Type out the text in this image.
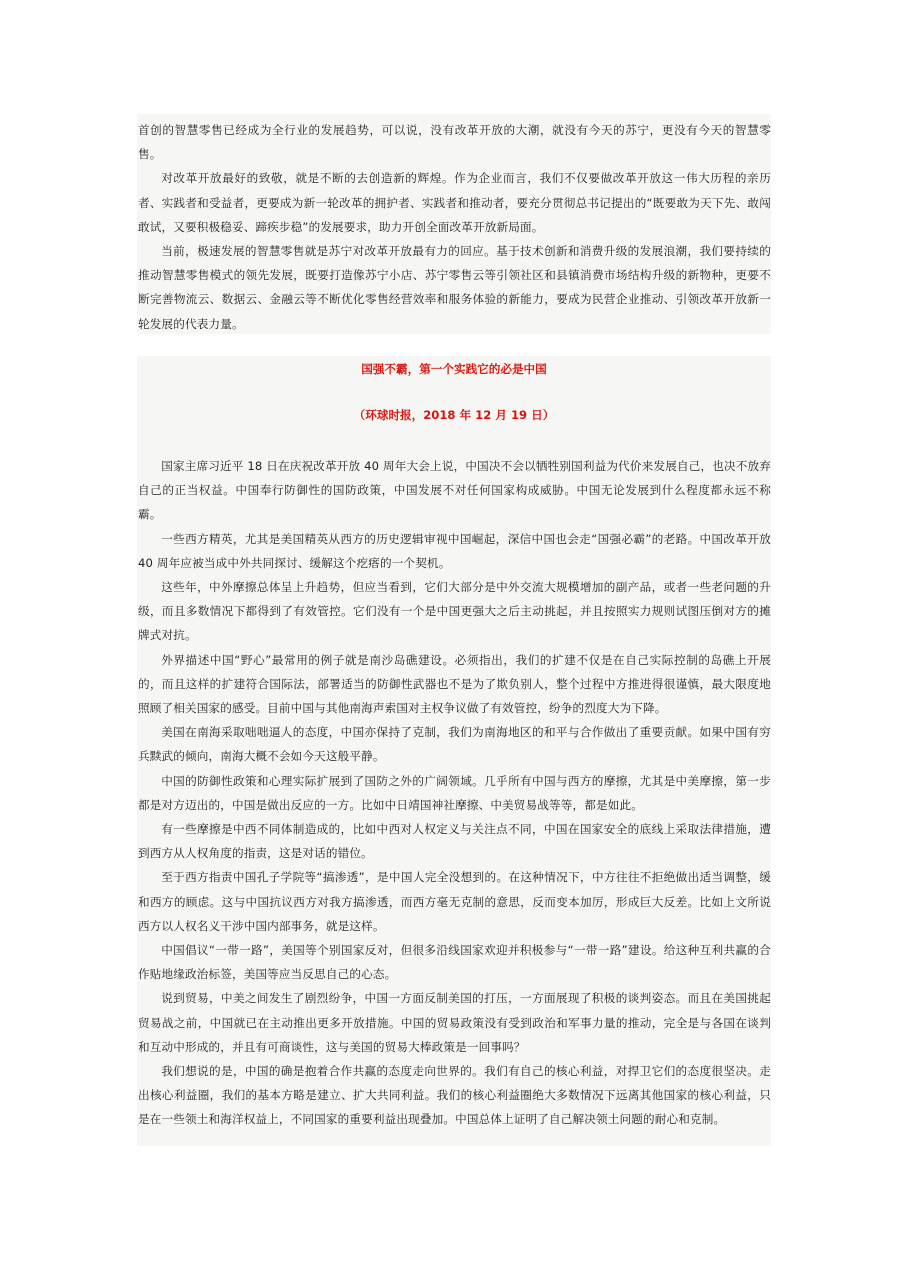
首创的智慧零售已经成为全行业的发展趋势，可以说，没有改革开放的大潮，就没有今天的苏宁，更没有今天的智慧零售。

对改革开放最好的致敬，就是不断的去创造新的辉煌。作为企业而言，我们不仅要做改革开放这一伟大历程的亲历者、实践者和受益者，更要成为新一轮改革的拥护者、实践者和推动者，要充分贯彻总书记提出的“既要敢为天下先、敢闯敢试，又要积极稳妥、蹄疾步稳”的发展要求，助力开创全面改革开放新局面。

当前，极速发展的智慧零售就是苏宁对改革开放最有力的回应。基于技术创新和消费升级的发展浪潮，我们要持续的推动智慧零售模式的领先发展，既要打造像苏宁小店、苏宁零售云等引领社区和县镇消费市场结构升级的新物种，更要不断完善物流云、数据云、金融云等不断优化零售经营效率和服务体验的新能力，要成为民营企业推动、引领改革开放新一轮发展的代表力量。

国强不霸，第一个实践它的必是中国

（环球时报，2018 年 12 月 19 日）

国家主席习近平 18 日在庆祝改革开放 40 周年大会上说，中国决不会以牺牲别国利益为代价来发展自己，也决不放弃自己的正当权益。中国奉行防御性的国防政策，中国发展不对任何国家构成威胁。中国无论发展到什么程度都永远不称霸。

一些西方精英，尤其是美国精英从西方的历史逻辑审视中国崛起，深信中国也会走“国强必霸”的老路。中国改革开放 40 周年应被当成中外共同探讨、缓解这个疙瘩的一个契机。

这些年，中外摩擦总体呈上升趋势，但应当看到，它们大部分是中外交流大规模增加的副产品，或者一些老问题的升级，而且多数情况下都得到了有效管控。它们没有一个是中国更强大之后主动挑起，并且按照实力规则试图压倒对方的摊牌式对抗。

外界描述中国“野心”最常用的例子就是南沙岛礁建设。必须指出，我们的扩建不仅是在自己实际控制的岛礁上开展的，而且这样的扩建符合国际法，部署适当的防御性武器也不是为了欺负别人，整个过程中方推进得很谨慎，最大限度地照顾了相关国家的感受。目前中国与其他南海声索国对主权争议做了有效管控，纷争的烈度大为下降。

美国在南海采取咄咄逼人的态度，中国亦保持了克制，我们为南海地区的和平与合作做出了重要贡献。如果中国有穷兵黩武的倾向，南海大概不会如今天这般平静。

中国的防御性政策和心理实际扩展到了国防之外的广阔领域。几乎所有中国与西方的摩擦，尤其是中美摩擦，第一步都是对方迈出的，中国是做出反应的一方。比如中日靖国神社摩擦、中美贸易战等等，都是如此。

有一些摩擦是中西不同体制造成的，比如中西对人权定义与关注点不同，中国在国家安全的底线上采取法律措施，遭到西方从人权角度的指责，这是对话的错位。

至于西方指责中国孔子学院等“搞渗透”，是中国人完全没想到的。在这种情况下，中方往往不拒绝做出适当调整，缓和西方的顾虑。这与中国抗议西方对我方搞渗透，而西方毫无克制的意思，反而变本加厉，形成巨大反差。比如上文所说西方以人权名义干涉中国内部事务，就是这样。

中国倡议“一带一路”，美国等个别国家反对，但很多沿线国家欢迎并积极参与“一带一路”建设。给这种互利共赢的合作贴地缘政治标签，美国等应当反思自己的心态。

说到贸易，中美之间发生了剧烈纷争，中国一方面反制美国的打压，一方面展现了积极的谈判姿态。而且在美国挑起贸易战之前，中国就已在主动推出更多开放措施。中国的贸易政策没有受到政治和军事力量的推动，完全是与各国在谈判和互动中形成的，并且有可商谈性，这与美国的贸易大棒政策是一回事吗？

我们想说的是，中国的确是抱着合作共赢的态度走向世界的。我们有自己的核心利益，对捍卫它们的态度很坚决。走出核心利益圈，我们的基本方略是建立、扩大共同利益。我们的核心利益圈绝大多数情况下远离其他国家的核心利益，只是在一些领土和海洋权益上，不同国家的重要利益出现叠加。中国总体上证明了自己解决领土问题的耐心和克制。
